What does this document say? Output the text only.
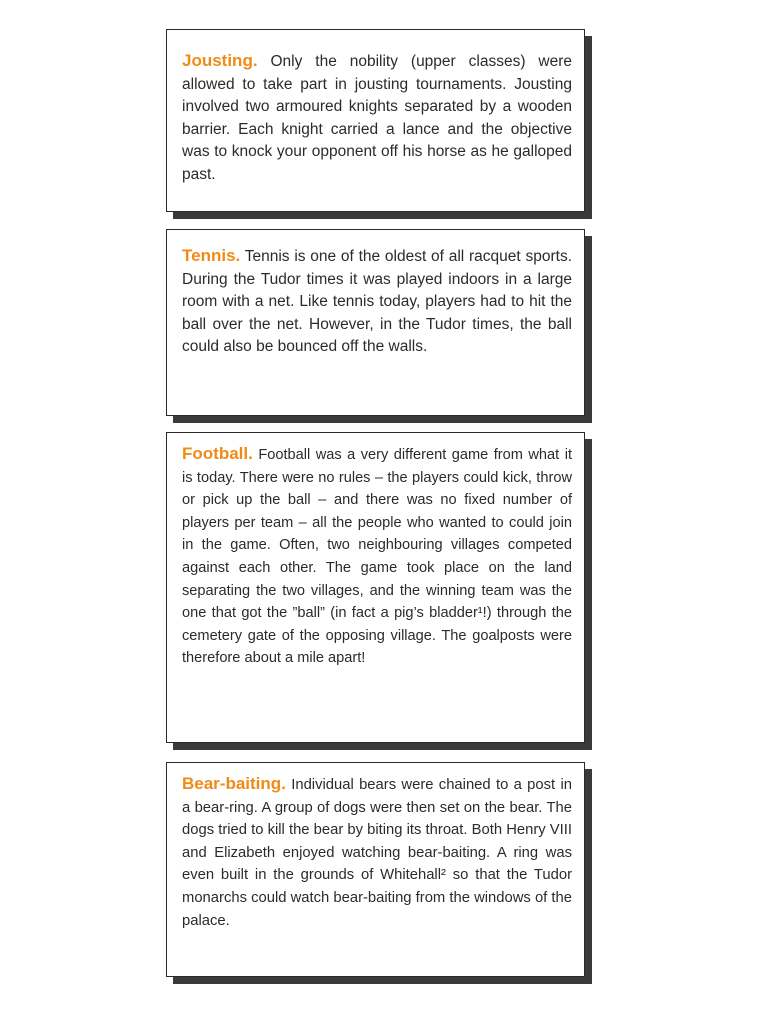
Jousting. Only the nobility (upper classes) were allowed to take part in jousting tournaments. Jousting involved two armoured knights separated by a wooden barrier. Each knight carried a lance and the objective was to knock your opponent off his horse as he galloped past.

Tennis. Tennis is one of the oldest of all racquet sports. During the Tudor times it was played indoors in a large room with a net. Like tennis today, players had to hit the ball over the net. However, in the Tudor times, the ball could also be bounced off the walls.

Football. Football was a very different game from what it is today. There were no rules – the players could kick, throw or pick up the ball – and there was no fixed number of players per team – all the people who wanted to could join in the game. Often, two neighbouring villages competed against each other. The game took place on the land separating the two villages, and the winning team was the one that got the ”ball” (in fact a pig’s bladder¹!) through the cemetery gate of the opposing village. The goalposts were therefore about a mile apart!

Bear-baiting. Individual bears were chained to a post in a bear-ring. A group of dogs were then set on the bear. The dogs tried to kill the bear by biting its throat. Both Henry VIII and Elizabeth enjoyed watching bear-baiting. A ring was even built in the grounds of Whitehall² so that the Tudor monarchs could watch bear-baiting from the windows of the palace.
